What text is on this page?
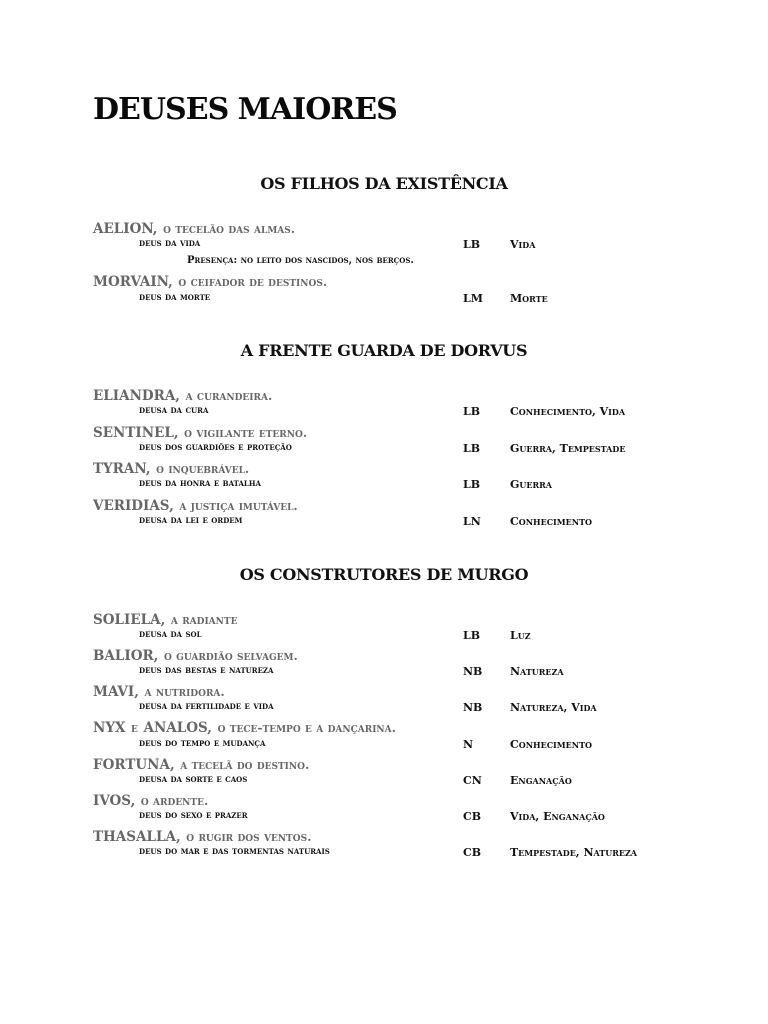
DEUSES MAIORES
OS FILHOS DA EXISTÊNCIA
AELION, o tecelão das almas.
deus da vida	LB	Vida
Presença: no leito dos nascidos, nos berços.
MORVAIN, o ceifador de destinos.
deus da morte	LM Morte
A FRENTE GUARDA DE DORVUS
ELIANDRA, a curandeira.
deusa da cura	LB	Conhecimento, Vida
SENTINEL, o vigilante eterno.
deus dos guardiões e proteção	LB	Guerra, Tempestade
TYRAN, o inquebrável.
deus da honra e batalha	LB	Guerra
VERIDIAS, a justiça imutável.
deusa da lei e ordem	LN	Conhecimento
OS CONSTRUTORES DE MURGO
SOLIELA, a radiante
deusa da sol	LB	Luz
BALIOR, o guardião selvagem.
deus das bestas e natureza	NB	Natureza
MAVI, a nutridora.
deusa da fertilidade e vida	NB	Natureza, Vida
NYX e ANALOS, o tece-tempo e a dançarina.
deus do tempo e mudança	N	Conhecimento
FORTUNA, a tecelã do destino.
deusa da sorte e caos	CN	Enganação
IVOS, o ardente.
deus do sexo e prazer	CB	Vida, Enganação
THASALLA, o rugir dos ventos.
deus do mar e das tormentas naturais	CB	Tempestade, Natureza
